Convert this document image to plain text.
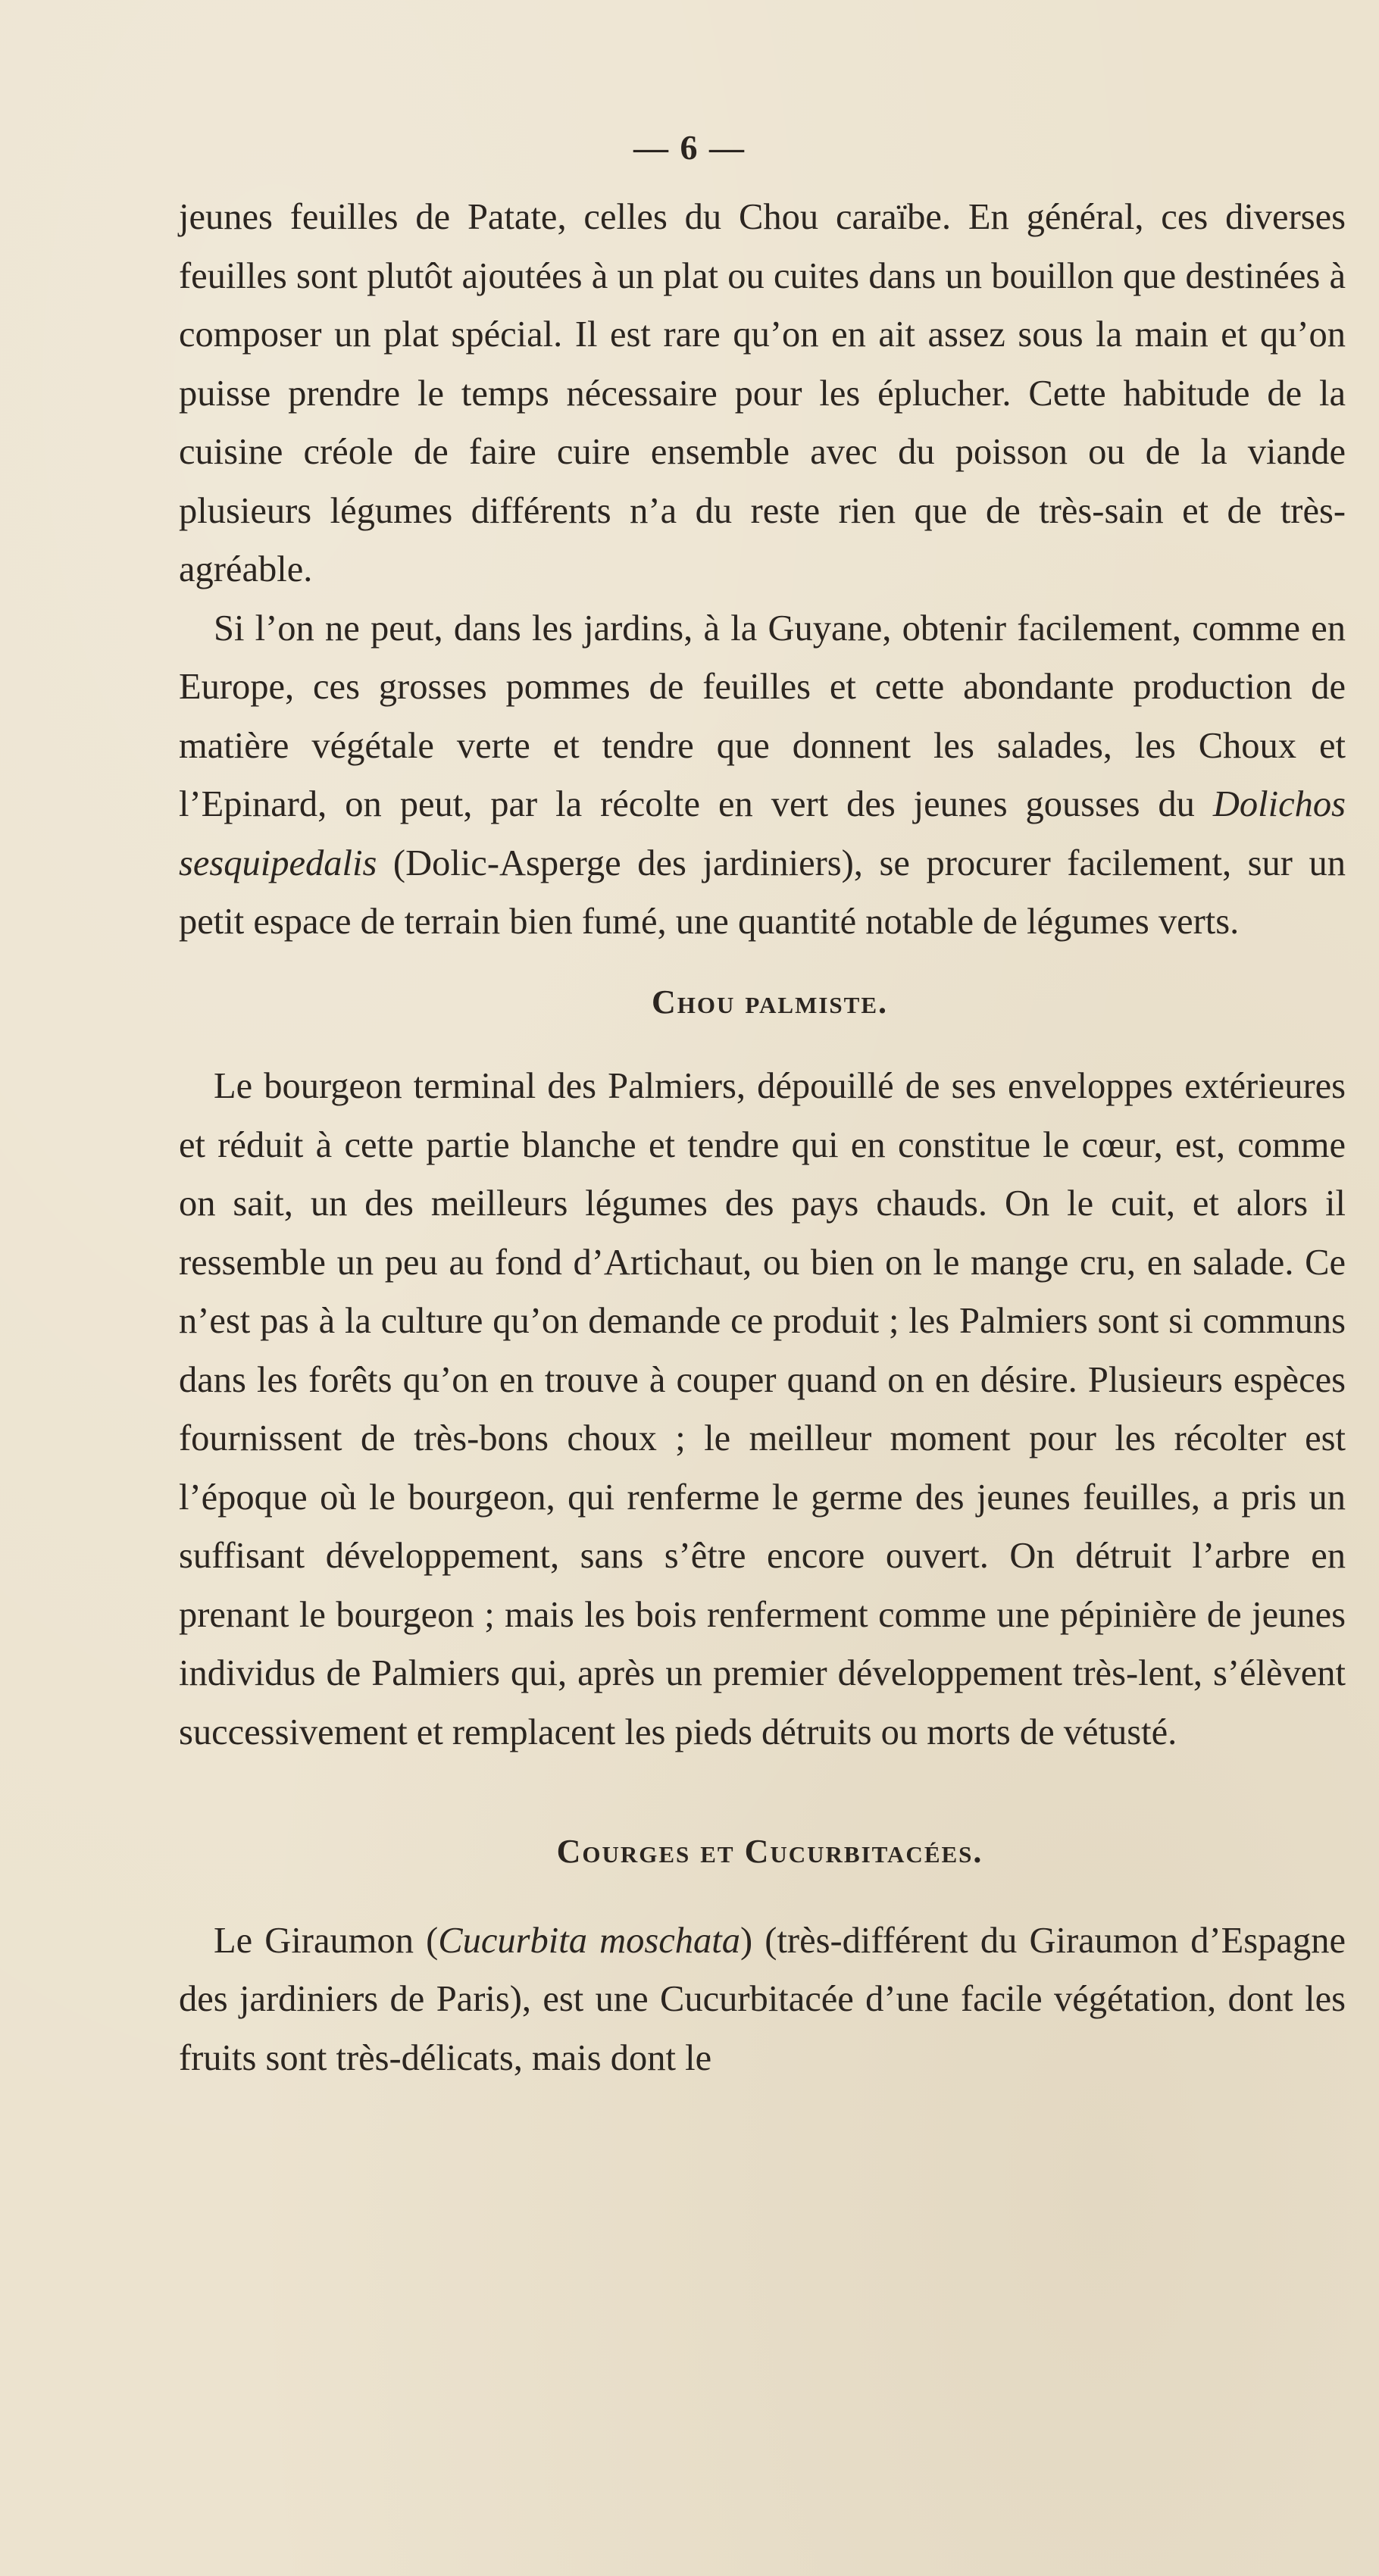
— 6 —

jeunes feuilles de Patate, celles du Chou caraïbe. En général, ces diverses feuilles sont plutôt ajoutées à un plat ou cuites dans un bouillon que destinées à composer un plat spécial. Il est rare qu’on en ait assez sous la main et qu’on puisse prendre le temps nécessaire pour les éplucher. Cette habitude de la cuisine créole de faire cuire ensemble avec du poisson ou de la viande plusieurs légumes différents n’a du reste rien que de très-sain et de très-agréable.

Si l’on ne peut, dans les jardins, à la Guyane, obtenir facilement, comme en Europe, ces grosses pommes de feuilles et cette abondante production de matière végétale verte et tendre que donnent les salades, les Choux et l’Epinard, on peut, par la récolte en vert des jeunes gousses du Dolichos sesquipedalis (Dolic-Asperge des jardiniers), se procurer facilement, sur un petit espace de terrain bien fumé, une quantité notable de légumes verts.

Chou palmiste.

Le bourgeon terminal des Palmiers, dépouillé de ses enveloppes extérieures et réduit à cette partie blanche et tendre qui en constitue le cœur, est, comme on sait, un des meilleurs légumes des pays chauds. On le cuit, et alors il ressemble un peu au fond d’Artichaut, ou bien on le mange cru, en salade. Ce n’est pas à la culture qu’on demande ce produit ; les Palmiers sont si communs dans les forêts qu’on en trouve à couper quand on en désire. Plusieurs espèces fournissent de très-bons choux ; le meilleur moment pour les récolter est l’époque où le bourgeon, qui renferme le germe des jeunes feuilles, a pris un suffisant développement, sans s’être encore ouvert. On détruit l’arbre en prenant le bourgeon ; mais les bois renferment comme une pépinière de jeunes individus de Palmiers qui, après un premier développement très-lent, s’élèvent successivement et remplacent les pieds détruits ou morts de vétusté.

Courges et Cucurbitacées.

Le Giraumon (Cucurbita moschata) (très-différent du Giraumon d’Espagne des jardiniers de Paris), est une Cucurbitacée d’une facile végétation, dont les fruits sont très-délicats, mais dont le
